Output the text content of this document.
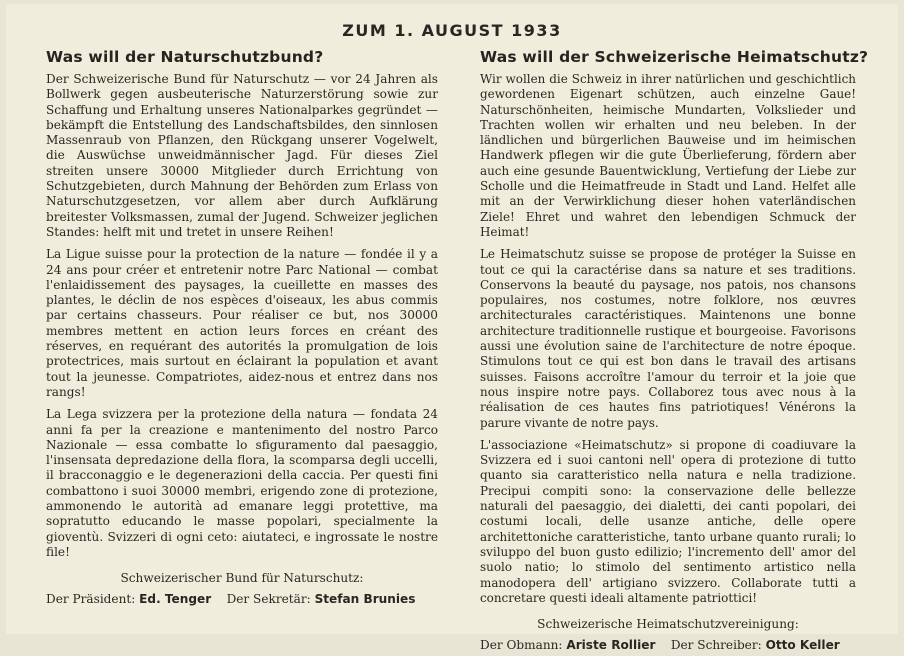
ZUM 1. AUGUST 1933
Was will der Naturschutzbund?

Der Schweizerische Bund für Naturschutz — vor 24 Jahren als Bollwerk gegen ausbeuterische Naturzerstörung sowie zur Schaffung und Erhaltung unseres Nationalparkes gegründet — bekämpft die Entstellung des Landschaftsbildes, den sinnlosen Massenraub von Pflanzen, den Rückgang unserer Vogelwelt, die Auswüchse unweidmännischer Jagd. Für dieses Ziel streiten unsere 30000 Mitglieder durch Errichtung von Schutzgebieten, durch Mahnung der Behörden zum Erlass von Naturschutzgesetzen, vor allem aber durch Aufklärung breitester Volksmassen, zumal der Jugend. Schweizer jeglichen Standes: helft mit und tretet in unsere Reihen!

La Ligue suisse pour la protection de la nature — fondée il y a 24 ans pour créer et entretenir notre Parc National — combat l'enlaidissement des paysages, la cueillette en masses des plantes, le déclin de nos espèces d'oiseaux, les abus commis par certains chasseurs. Pour réaliser ce but, nos 30000 membres mettent en action leurs forces en créant des réserves, en requérant des autorités la promulgation de lois protectrices, mais surtout en éclairant la population et avant tout la jeunesse. Compatriotes, aidez-nous et entrez dans nos rangs!

La Lega svizzera per la protezione della natura — fondata 24 anni fa per la creazione e mantenimento del nostro Parco Nazionale — essa combatte lo sfiguramento dal paesaggio, l'insensata depredazione della flora, la scomparsa degli uccelli, il bracconaggio e le degenerazioni della caccia. Per questi fini combattono i suoi 30000 membri, erigendo zone di protezione, ammonendo le autorità ad emanare leggi protettive, ma sopratutto educando le masse popolari, specialmente la gioventù. Svizzeri di ogni ceto: aiutateci, e ingrossate le nostre file!

Schweizerischer Bund für Naturschutz:
Der Präsident: Ed. Tenger Der Sekretär: Stefan Brunies
Was will der Schweizerische Heimatschutz?

Wir wollen die Schweiz in ihrer natürlichen und geschichtlich gewordenen Eigenart schützen, auch einzelne Gaue! Naturschönheiten, heimische Mundarten, Volkslieder und Trachten wollen wir erhalten und neu beleben. In der ländlichen und bürgerlichen Bauweise und im heimischen Handwerk pflegen wir die gute Überlieferung, fördern aber auch eine gesunde Bauentwicklung, Vertiefung der Liebe zur Scholle und die Heimatfreude in Stadt und Land. Helfet alle mit an der Verwirklichung dieser hohen vaterländischen Ziele! Ehret und wahret den lebendigen Schmuck der Heimat!

Le Heimatschutz suisse se propose de protéger la Suisse en tout ce qui la caractérise dans sa nature et ses traditions. Conservons la beauté du paysage, nos patois, nos chansons populaires, nos costumes, notre folklore, nos œuvres architecturales caractéristiques. Maintenons une bonne architecture traditionnelle rustique et bourgeoise. Favorisons aussi une évolution saine de l'architecture de notre époque. Stimulons tout ce qui est bon dans le travail des artisans suisses. Faisons accroître l'amour du terroir et la joie que nous inspire notre pays. Collaborez tous avec nous à la réalisation de ces hautes fins patriotiques! Vénérons la parure vivante de notre pays.

L'associazione «Heimatschutz» si propone di coadiuvare la Svizzera ed i suoi cantoni nell' opera di protezione di tutto quanto sia caratteristico nella natura e nella tradizione. Precipui compiti sono: la conservazione delle bellezze naturali del paesaggio, dei dialetti, dei canti popolari, dei costumi locali, delle usanze antiche, delle opere architettoniche caratteristiche, tanto urbane quanto rurali; lo sviluppo del buon gusto edilizio; l'incremento dell' amor del suolo natio; lo stimolo del sentimento artistico nella manodopera dell' artigiano svizzero. Collaborate tutti a concretare questi ideali altamente patriottici!

Schweizerische Heimatschutzvereinigung:
Der Obmann: Ariste Rollier Der Schreiber: Otto Keller
